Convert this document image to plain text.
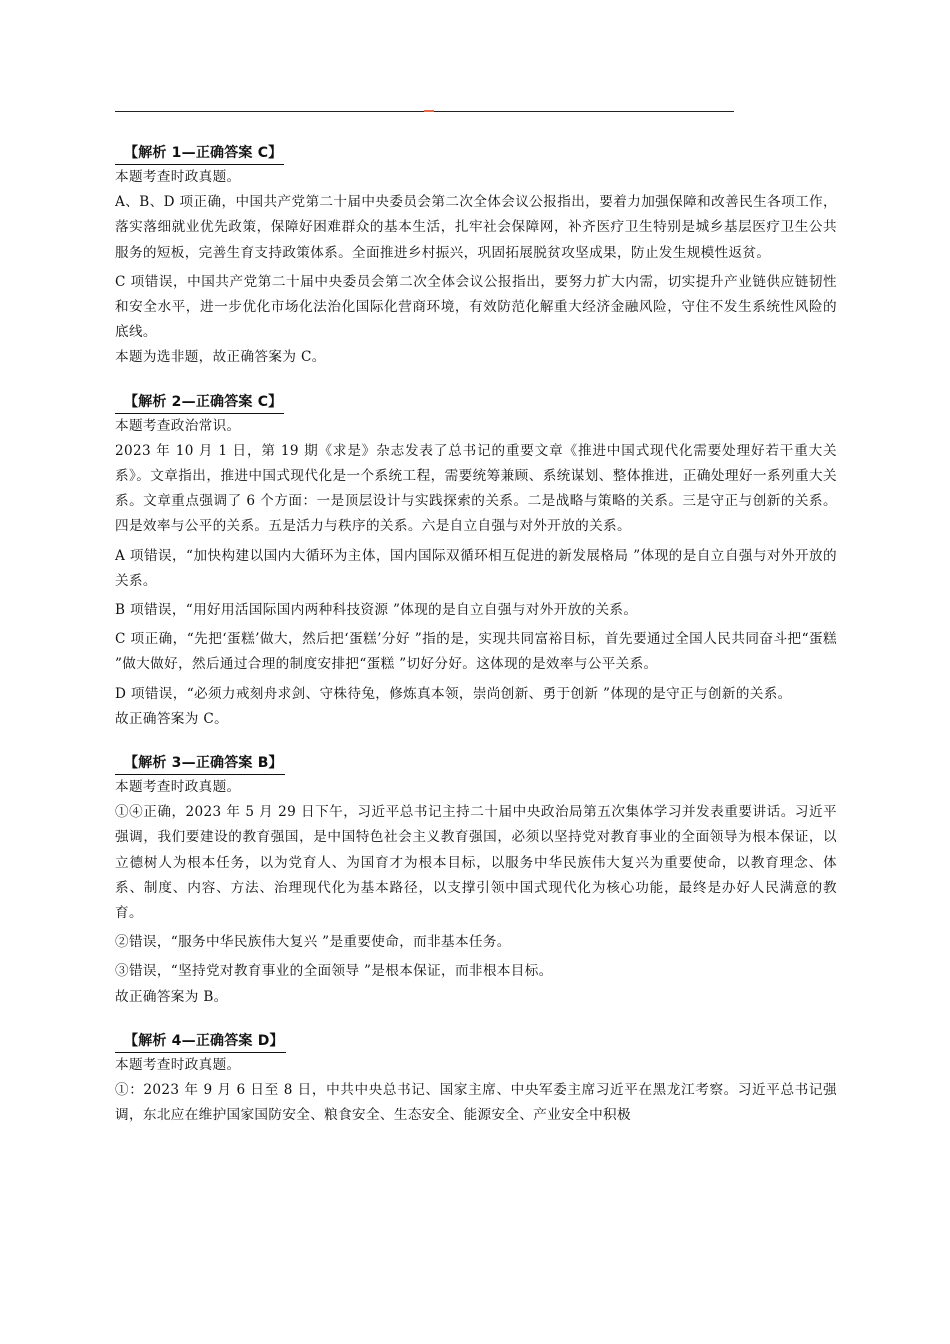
【解析 1—正确答案 C】

本题考查时政真题。

A、B、D 项正确，中国共产党第二十届中央委员会第二次全体会议公报指出，要着力加强保障和改善民生各项工作，落实落细就业优先政策，保障好困难群众的基本生活，扎牢社会保障网，补齐医疗卫生特别是城乡基层医疗卫生公共服务的短板，完善生育支持政策体系。全面推进乡村振兴，巩固拓展脱贫攻坚成果，防止发生规模性返贫。

C 项错误，中国共产党第二十届中央委员会第二次全体会议公报指出，要努力扩大内需，切实提升产业链供应链韧性和安全水平，进一步优化市场化法治化国际化营商环境，有效防范化解重大经济金融风险，守住不发生系统性风险的底线。

本题为选非题，故正确答案为 C。

【解析 2—正确答案 C】

本题考查政治常识。

2023 年 10 月 1 日，第 19 期《求是》杂志发表了总书记的重要文章《推进中国式现代化需要处理好若干重大关系》。文章指出，推进中国式现代化是一个系统工程，需要统筹兼顾、系统谋划、整体推进，正确处理好一系列重大关系。文章重点强调了 6 个方面：一是顶层设计与实践探索的关系。二是战略与策略的关系。三是守正与创新的关系。四是效率与公平的关系。五是活力与秩序的关系。六是自立自强与对外开放的关系。

A 项错误，“加快构建以国内大循环为主体，国内国际双循环相互促进的新发展格局 ”体现的是自立自强与对外开放的关系。

B 项错误，“用好用活国际国内两种科技资源 ”体现的是自立自强与对外开放的关系。

C 项正确，“先把‘蛋糕’做大，然后把‘蛋糕’分好 ”指的是，实现共同富裕目标，首先要通过全国人民共同奋斗把“蛋糕 ”做大做好，然后通过合理的制度安排把“蛋糕 ”切好分好。这体现的是效率与公平关系。

D 项错误，“必须力戒刻舟求剑、守株待兔，修炼真本领，崇尚创新、勇于创新 ”体现的是守正与创新的关系。

故正确答案为 C。

【解析 3—正确答案 B】

本题考查时政真题。

①④正确，2023 年 5 月 29 日下午，习近平总书记主持二十届中央政治局第五次集体学习并发表重要讲话。习近平强调，我们要建设的教育强国，是中国特色社会主义教育强国，必须以坚持党对教育事业的全面领导为根本保证，以立德树人为根本任务，以为党育人、为国育才为根本目标，以服务中华民族伟大复兴为重要使命，以教育理念、体系、制度、内容、方法、治理现代化为基本路径，以支撑引领中国式现代化为核心功能，最终是办好人民满意的教育。

②错误，“服务中华民族伟大复兴 ”是重要使命，而非基本任务。

③错误，“坚持党对教育事业的全面领导 ”是根本保证，而非根本目标。

故正确答案为 B。

【解析 4—正确答案 D】

本题考查时政真题。

①：2023 年 9 月 6 日至 8 日，中共中央总书记、国家主席、中央军委主席习近平在黑龙江考察。习近平总书记强调，东北应在维护国家国防安全、粮食安全、生态安全、能源安全、产业安全中积极
